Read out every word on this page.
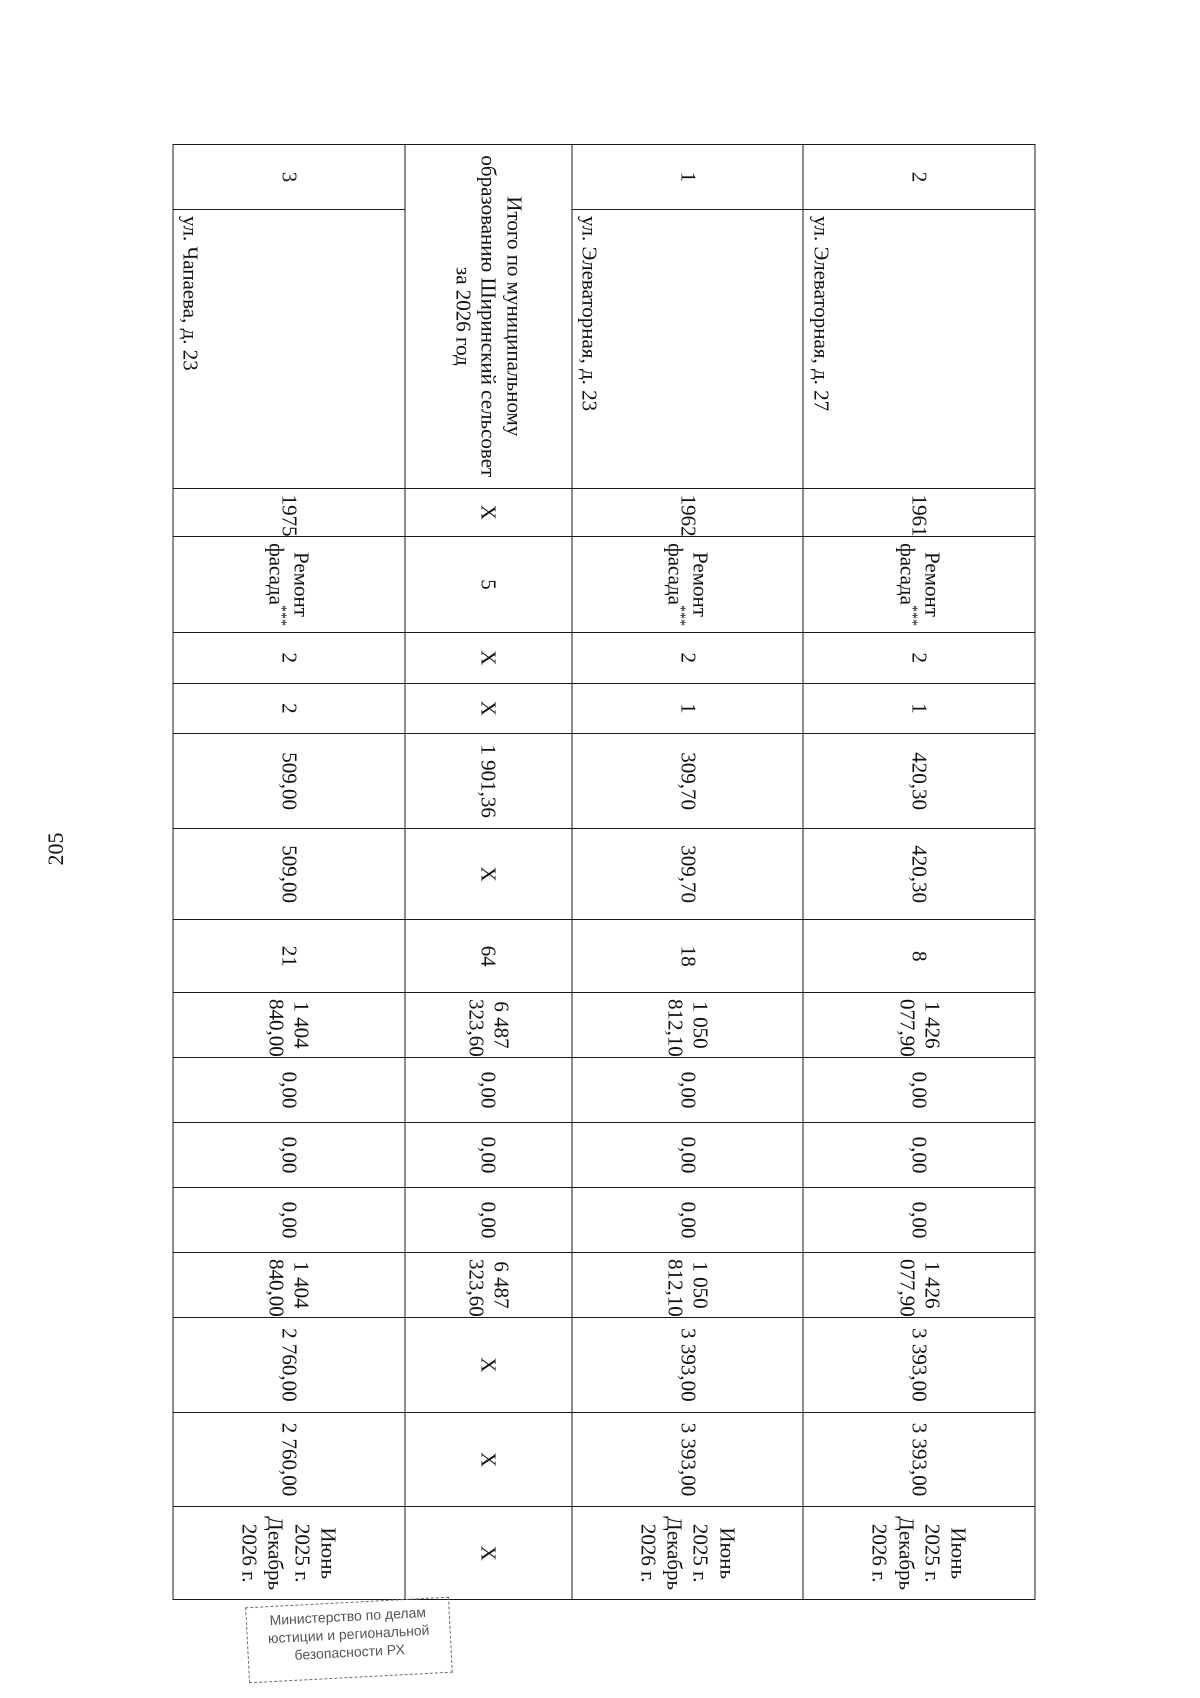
205
2	ул. Элеваторная, д. 27	1961	Ремонт фасада***	2	1	420,30	420,30	8	1 426 077,90	0,00	0,00	0,00	1 426 077,90	3 393,00	3 393,00	Июнь 2025 г.
Декабрь 2026 г.

1	ул. Элеваторная, д. 23	1962	Ремонт фасада***	2	1	309,70	309,70	18	1 050 812,10	0,00	0,00	0,00	1 050 812,10	3 393,00	3 393,00	Июнь 2025 г.
Декабрь 2026 г.

Итого по муниципальному образованию Ширинский сельсовет за 2026 год		Х	5	Х	Х	1 901,36	Х	64	6 487 323,60	0,00	0,00	0,00	6 487 323,60	Х	Х	Х

3	ул. Чапаева, д. 23	1975	Ремонт фасада***	2	2	509,00	509,00	21	1 404 840,00	0,00	0,00	0,00	1 404 840,00	2 760,00	2 760,00	Июнь 2025 г.
Декабрь 2026 г.
Министерство по делам
юстиции и региональной
безопасности РХ
